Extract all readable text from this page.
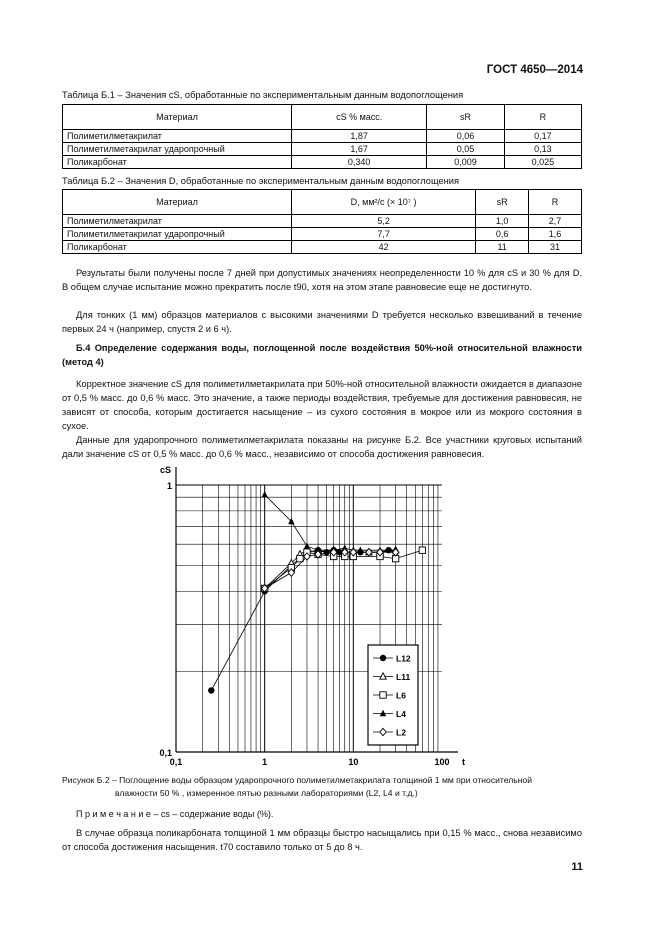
ГОСТ 4650—2014
Таблица Б.1 – Значения cS, обработанные по экспериментальным данным водопоглощения
Материал	cS % масс.	sR	R
Полиметилметакрилат	1,87	0,06	0,17
Полиметилметакрилат ударопрочный	1,67	0,05	0,13
Поликарбонат	0,340	0,009	0,025
Таблица Б.2 – Значения D, обработанные по экспериментальным данным водопоглощения
Материал	D, мм²/с (× 10⁷ )	sR	R
Полиметилметакрилат	5,2	1,0	2,7
Полиметилметакрилат ударопрочный	7,7	0,6	1,6
Поликарбонат	42	11	31
Результаты были получены после 7 дней при допустимых значениях неопределенности 10 % для cS и 30 % для D. В общем случае испытание можно прекратить после t90, хотя на этом этапе равновесие еще не достигнуто.
Для тонких (1 мм) образцов материалов с высокими значениями D требуется несколько взвешиваний в течение первых 24 ч (например, спустя 2 и 6 ч).
Б.4 Определение содержания воды, поглощенной после воздействия 50%-ной относительной влажности (метод 4)
Корректное значение cS для полиметилметакрилата при 50%-ной относительной влажности ожидается в диапазоне от 0,5 % масс. до 0,6 % масс. Это значение, а также периоды воздействия, требуемые для достижения равновесия, не зависят от способа, которым достигается насыщение – из сухого состояния в мокрое или из мокрого состояния в сухое.
Данные для ударопрочного полиметилметакрилата показаны на рисунке Б.2. Все участники круговых испытаний дали значение cS от 0,5 % масс. до 0,6 % масс., независимо от способа достижения равновесия.
0,1	1	10	100
0,1
1
t
cS
L12
L11
L6
L4
L2
Рисунок Б.2 – Поглощение воды образцом ударопрочного полиметилметакрилата толщиной 1 мм при относительной
влажности 50 % , измеренное пятью разными лабораториями (L2, L4 и т.д.)
П р и м е ч а н и е – cs – содержание воды (%).
В случае образца поликарбоната толщиной 1 мм образцы быстро насыщались при 0,15 % масс., снова независимо от способа достижения насыщения. t70 составило только от 5 до 8 ч.
11
